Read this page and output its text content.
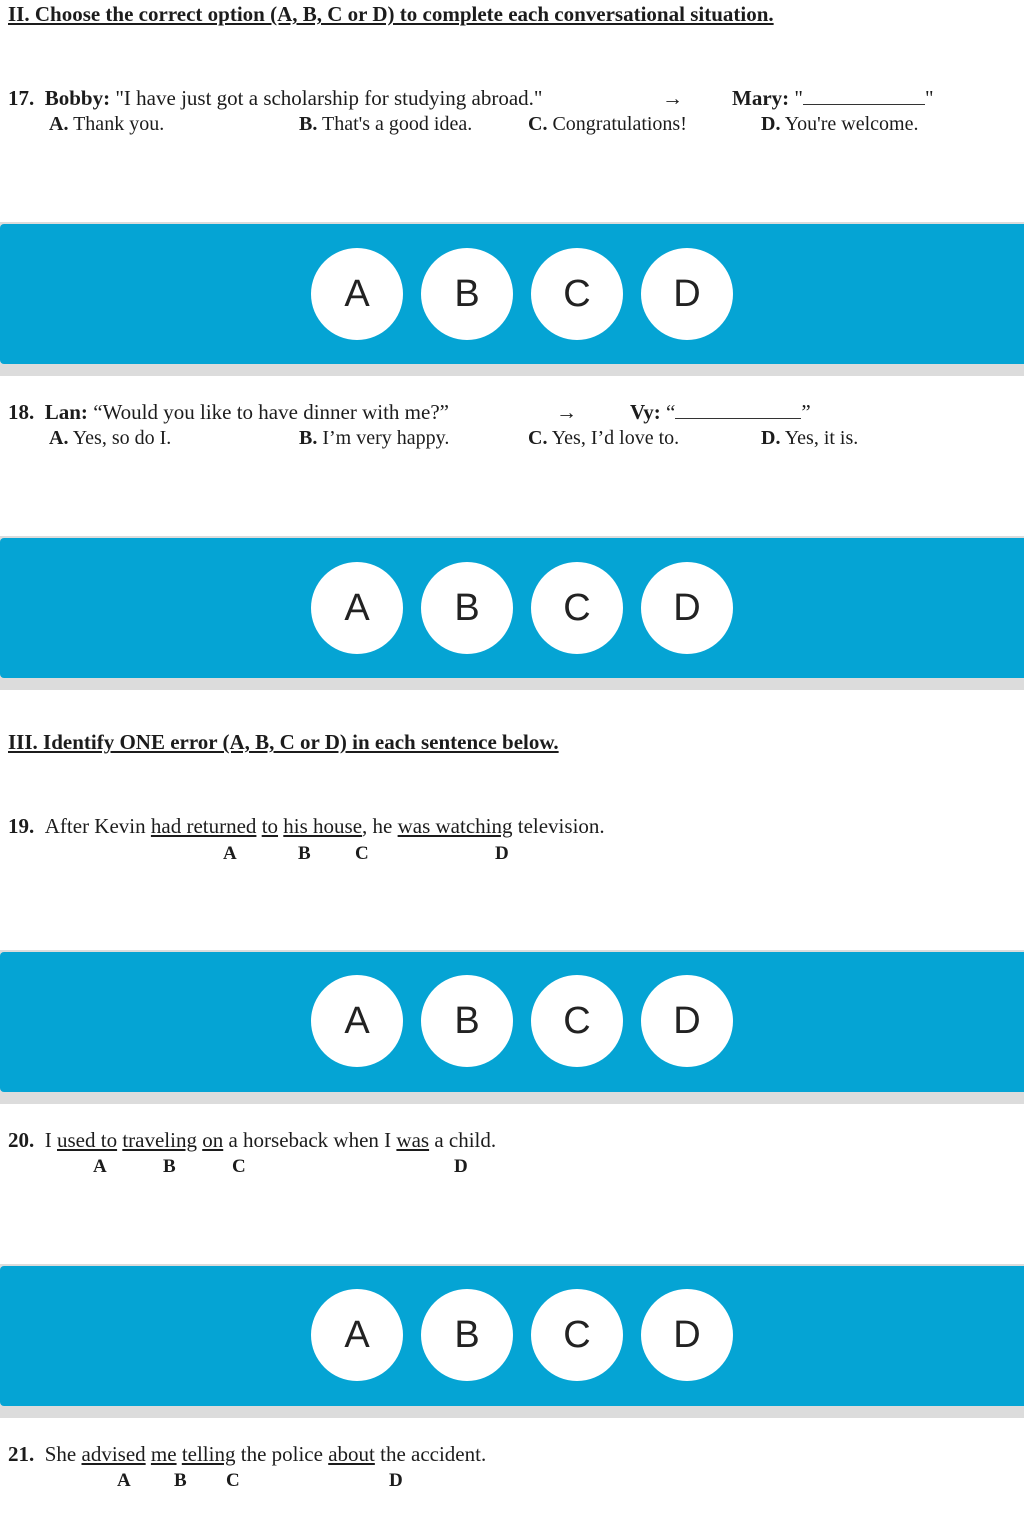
II. Choose the correct option (A, B, C or D) to complete each conversational situation.
17. Bobby: "I have just got a scholarship for studying abroad."	→ Mary: "	"
A. Thank you.	B. That's a good idea.	C. Congratulations!	D. You're welcome.
18. Lan: “Would you like to have dinner with me?”	→	Vy: “	”
A. Yes, so do I.	B. I’m very happy.	C. Yes, I’d love to.	D. Yes, it is.
III. Identify ONE error (A, B, C or D) in each sentence below.
19. After Kevin had returned to his house, he was watching television.
A	B C	D
20. I used to traveling on a horseback when I was a child.
A	B	C	D
21. She advised me telling the police about the accident.
A B C	D
A	B	C	D
A	B	C	D
A	B	C	D
A	B	C	D
